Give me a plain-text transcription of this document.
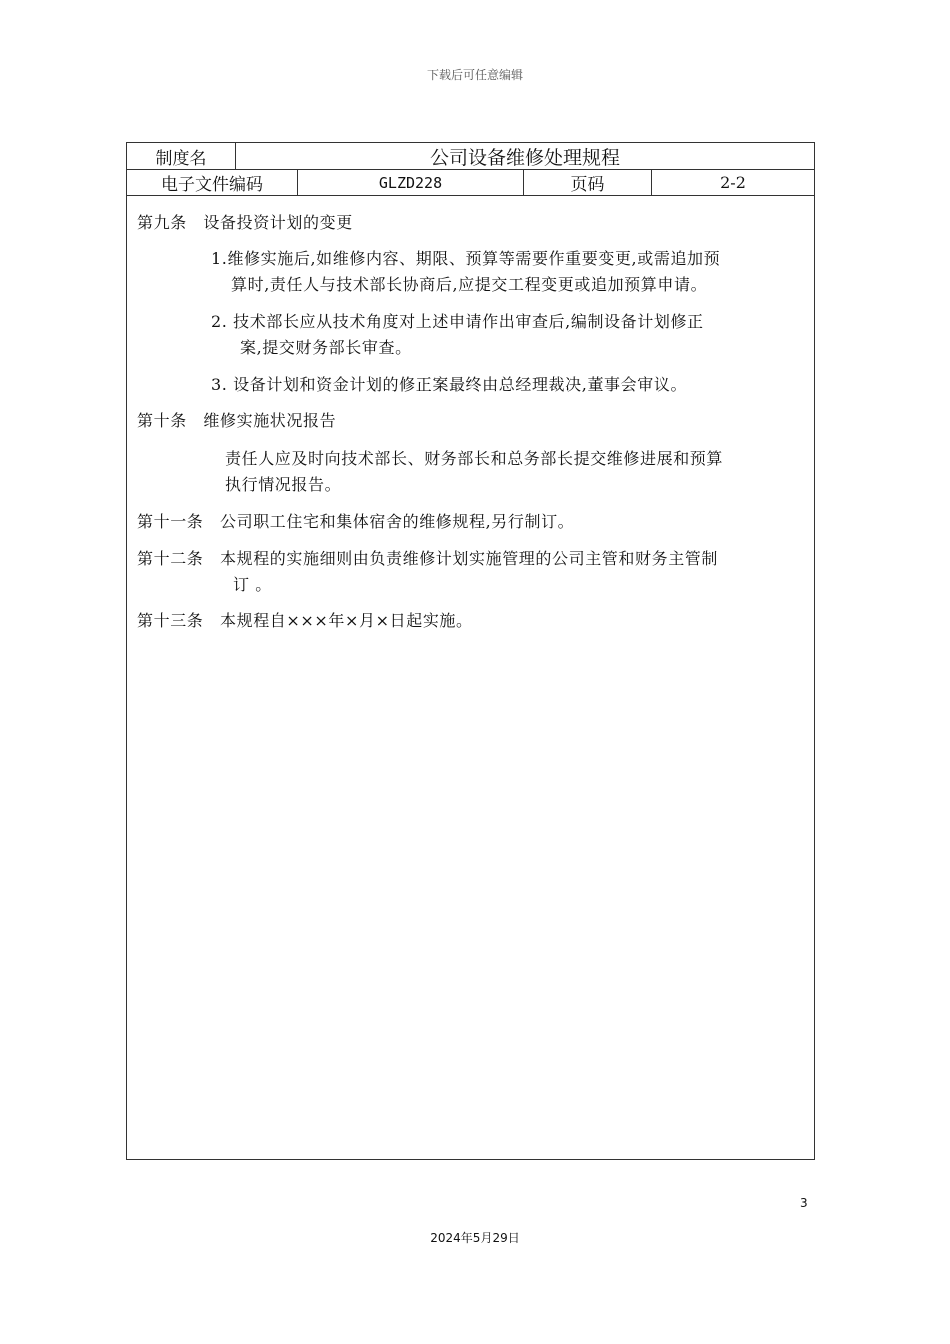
下载后可任意编辑
制度名	公司设备维修处理规程
电子文件编码	GLZD228	页码	2-2
第九条　设备投资计划的变更
1.维修实施后,如维修内容、期限、预算等需要作重要变更,或需追加预
算时,责任人与技术部长协商后,应提交工程变更或追加预算申请。
2. 技术部长应从技术角度对上述申请作出审查后,编制设备计划修正
案,提交财务部长审查。
3. 设备计划和资金计划的修正案最终由总经理裁决,董事会审议。
第十条　维修实施状况报告
责任人应及时向技术部长、财务部长和总务部长提交维修进展和预算
执行情况报告。
第十一条　公司职工住宅和集体宿舍的维修规程,另行制订。
第十二条　本规程的实施细则由负责维修计划实施管理的公司主管和财务主管制
订 。
第十三条　本规程自×××年×月×日起实施。
3
2024年5月29日
